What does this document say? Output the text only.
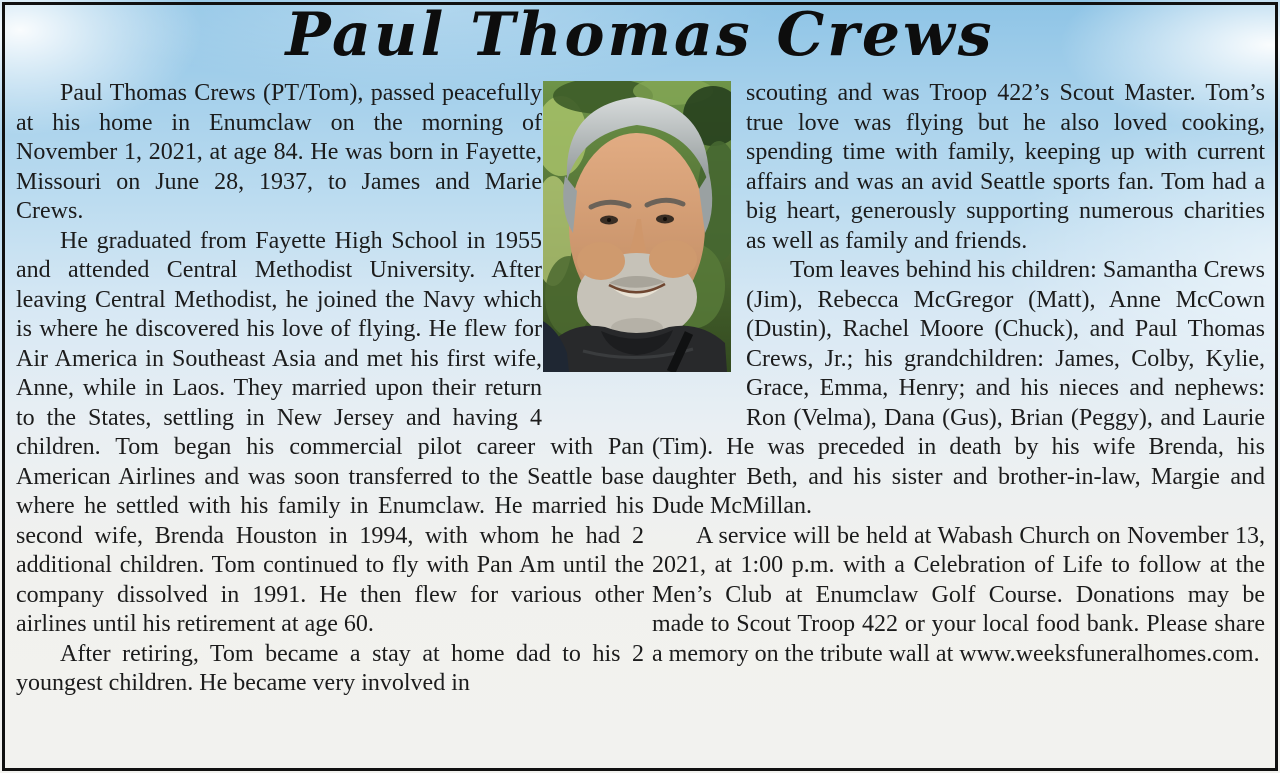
Paul Thomas Crews

Paul Thomas Crews (PT/Tom), passed peacefully at his home in Enumclaw on the morning of November 1, 2021, at age 84. He was born in Fayette, Missouri on June 28, 1937, to James and Marie Crews.

He graduated from Fayette High School in 1955 and attended Central Methodist University. After leaving Central Methodist, he joined the Navy which is where he discovered his love of flying. He flew for Air America in Southeast Asia and met his first wife, Anne, while in Laos. They married upon their return to the States, settling in New Jersey and having 4 children. Tom began his commercial pilot career with Pan American Airlines and was soon transferred to the Seattle base where he settled with his family in Enumclaw. He married his second wife, Brenda Houston in 1994, with whom he had 2 additional children. Tom continued to fly with Pan Am until the company dissolved in 1991. He then flew for various other airlines until his retirement at age 60.

After retiring, Tom became a stay at home dad to his 2 youngest children. He became very involved in

scouting and was Troop 422’s Scout Master. Tom’s true love was flying but he also loved cooking, spending time with family, keeping up with current affairs and was an avid Seattle sports fan. Tom had a big heart, generously supporting numerous charities as well as family and friends.

Tom leaves behind his children: Samantha Crews (Jim), Rebecca McGregor (Matt), Anne McCown (Dustin), Rachel Moore (Chuck), and Paul Thomas Crews, Jr.; his grandchildren: James, Colby, Kylie, Grace, Emma, Henry; and his nieces and nephews: Ron (Velma), Dana (Gus), Brian (Peggy), and Laurie (Tim). He was preceded in death by his wife Brenda, his daughter Beth, and his sister and brother-in-law, Margie and Dude McMillan.

A service will be held at Wabash Church on November 13, 2021, at 1:00 p.m. with a Celebration of Life to follow at the Men’s Club at Enumclaw Golf Course. Donations may be made to Scout Troop 422 or your local food bank. Please share a memory on the tribute wall at www.weeksfuneralhomes.com.
